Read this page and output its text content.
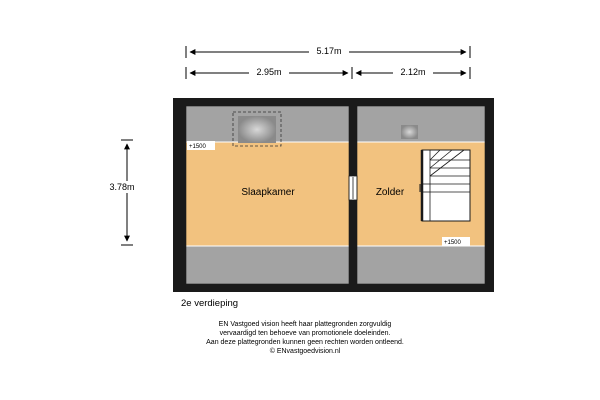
5.17m
2.95m	2.12m
3.78m	Slaapkamer	Zolder
+1500
+1500
2e verdieping
EN Vastgoed vision heeft haar plattegronden zorgvuldig
vervaardigd ten behoeve van promotionele doeleinden.
Aan deze plattegronden kunnen geen rechten worden ontleend.
© ENvastgoedvision.nl
